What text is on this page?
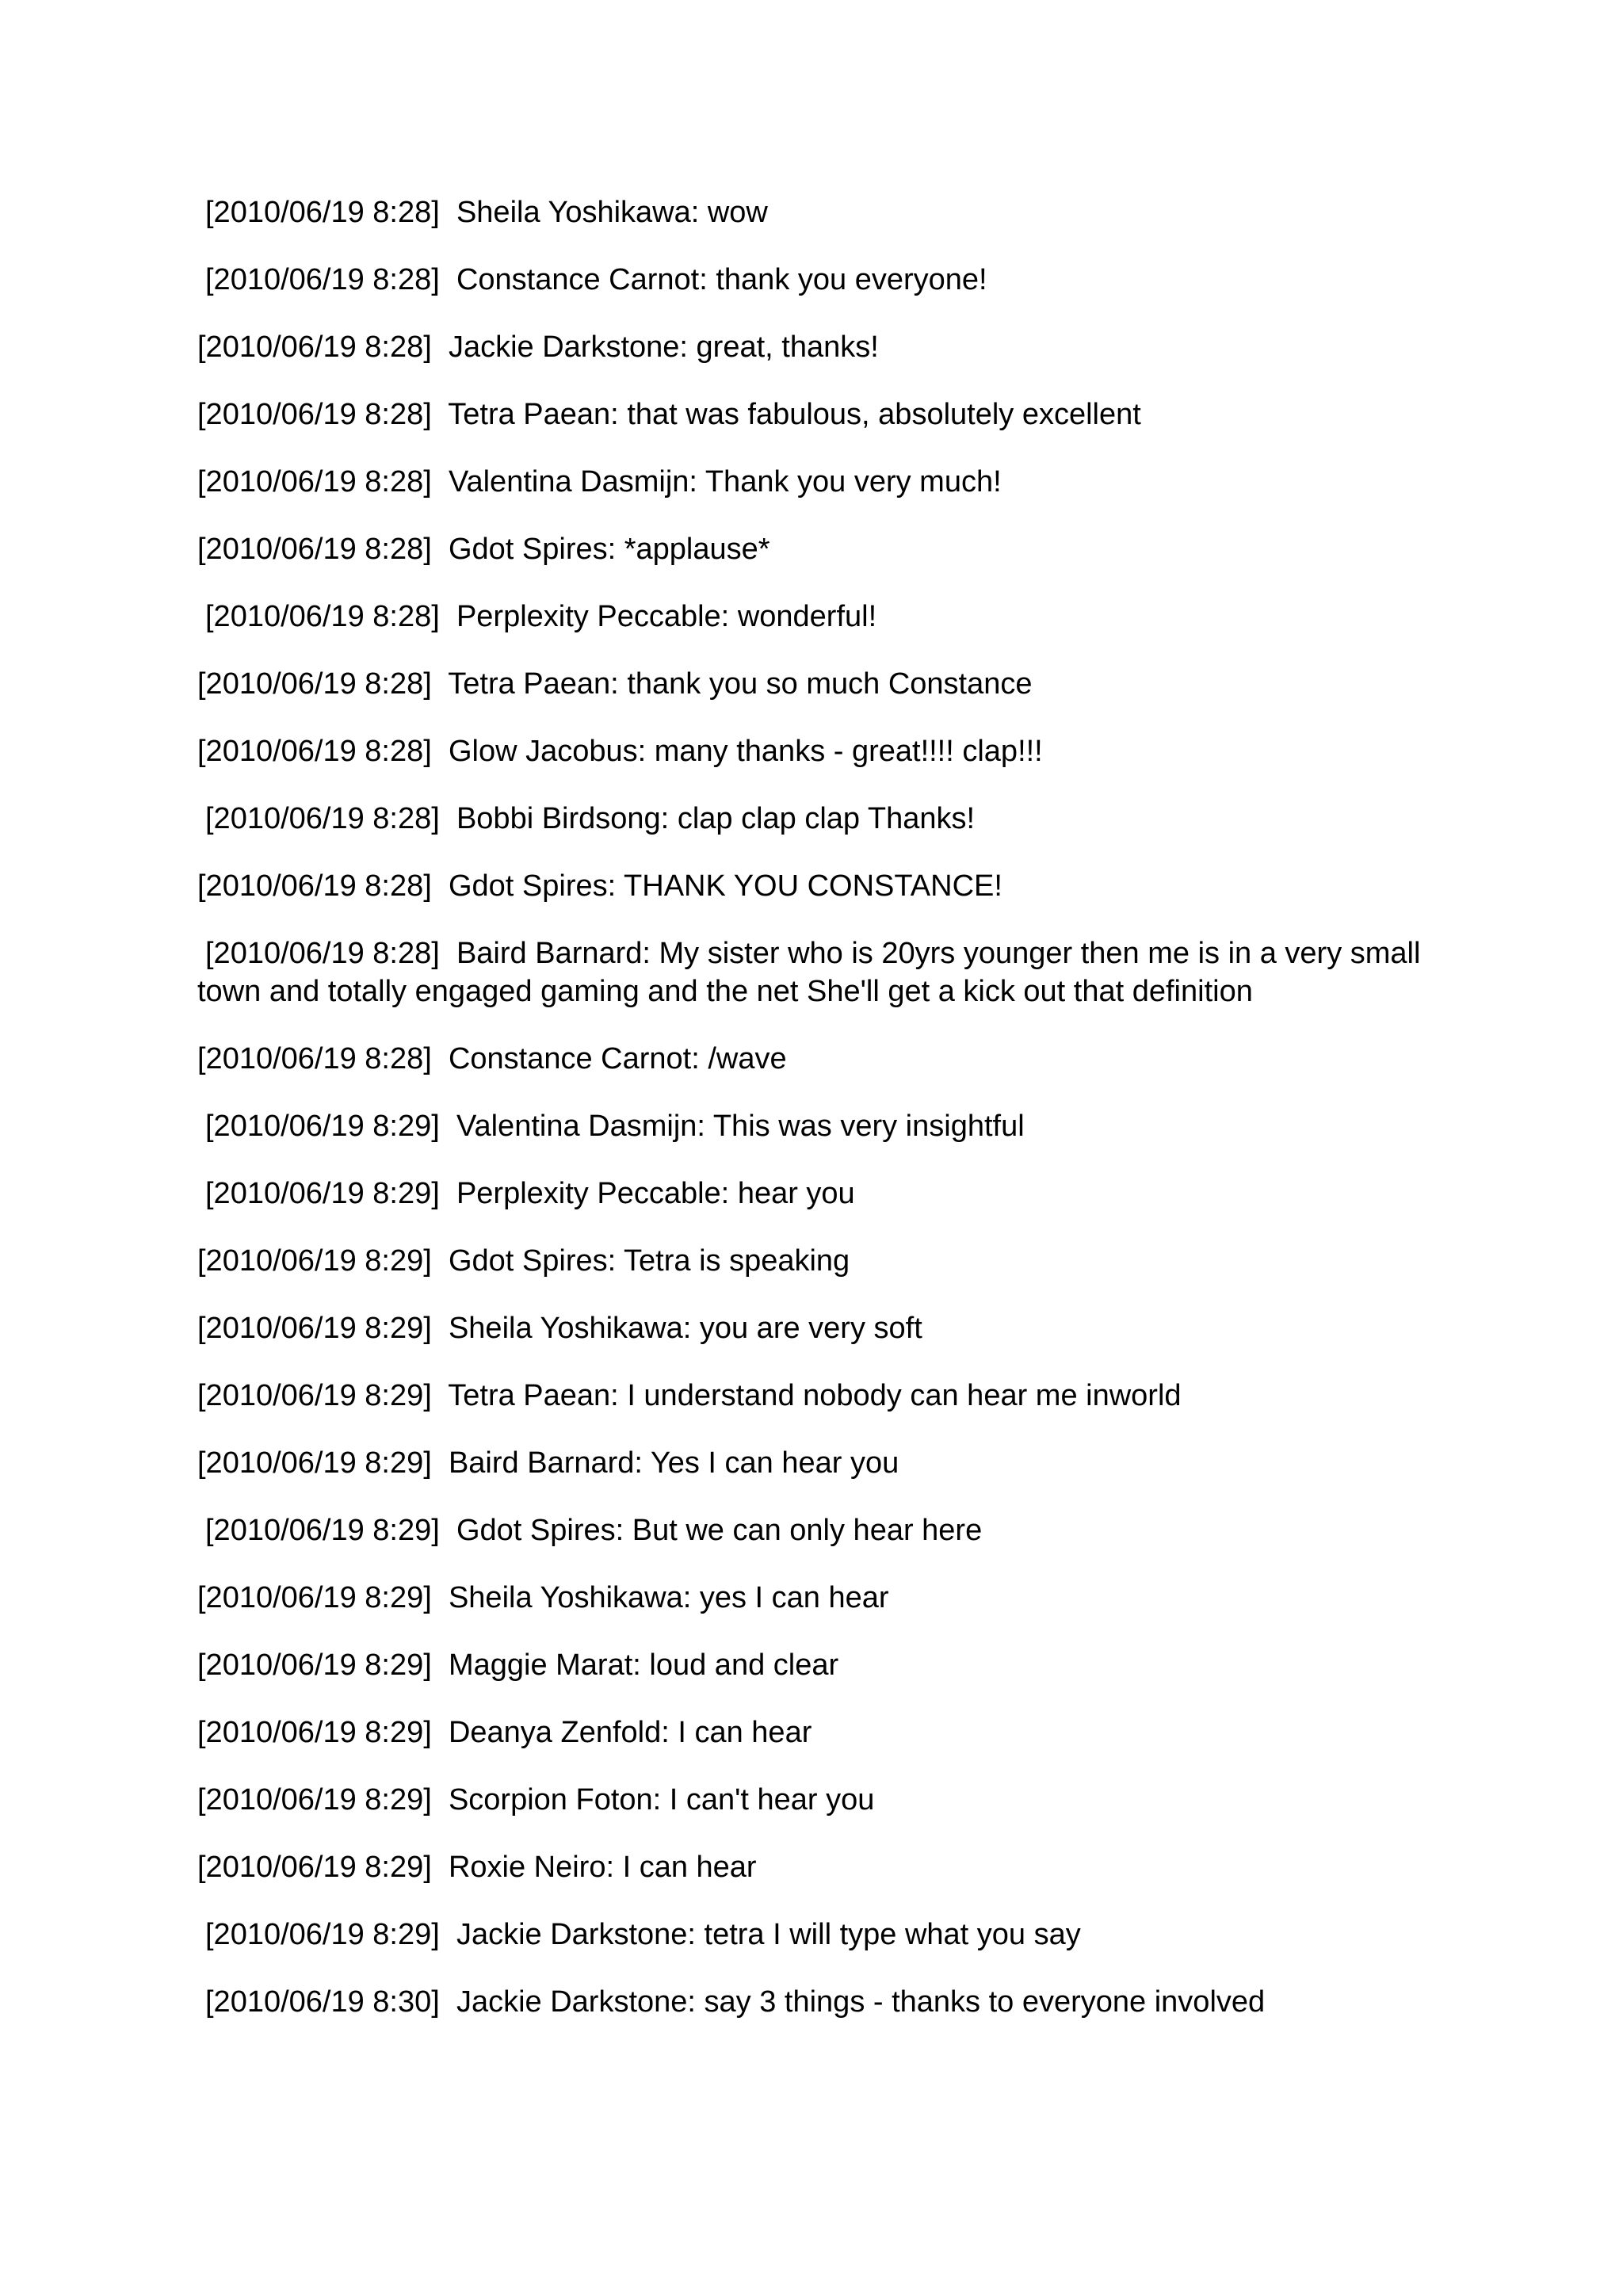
[2010/06/19 8:28] Sheila Yoshikawa: wow
[2010/06/19 8:28] Constance Carnot: thank you everyone!
[2010/06/19 8:28] Jackie Darkstone: great, thanks!
[2010/06/19 8:28] Tetra Paean: that was fabulous, absolutely excellent
[2010/06/19 8:28] Valentina Dasmijn: Thank you very much!
[2010/06/19 8:28] Gdot Spires: *applause*
[2010/06/19 8:28] Perplexity Peccable: wonderful!
[2010/06/19 8:28] Tetra Paean: thank you so much Constance
[2010/06/19 8:28] Glow Jacobus: many thanks - great!!!! clap!!!
[2010/06/19 8:28] Bobbi Birdsong: clap clap clap Thanks!
[2010/06/19 8:28] Gdot Spires: THANK YOU CONSTANCE!
[2010/06/19 8:28] Baird Barnard: My sister who is 20yrs younger then me is in a very small town and totally engaged gaming and the net She'll get a kick out that definition
[2010/06/19 8:28] Constance Carnot: /wave
[2010/06/19 8:29] Valentina Dasmijn: This was very insightful
[2010/06/19 8:29] Perplexity Peccable: hear you
[2010/06/19 8:29] Gdot Spires: Tetra is speaking
[2010/06/19 8:29] Sheila Yoshikawa: you are very soft
[2010/06/19 8:29] Tetra Paean: I understand nobody can hear me inworld
[2010/06/19 8:29] Baird Barnard: Yes I can hear you
[2010/06/19 8:29] Gdot Spires: But we can only hear here
[2010/06/19 8:29] Sheila Yoshikawa: yes I can hear
[2010/06/19 8:29] Maggie Marat: loud and clear
[2010/06/19 8:29] Deanya Zenfold: I can hear
[2010/06/19 8:29] Scorpion Foton: I can't hear you
[2010/06/19 8:29] Roxie Neiro: I can hear
[2010/06/19 8:29] Jackie Darkstone: tetra I will type what you say
[2010/06/19 8:30] Jackie Darkstone: say 3 things - thanks to everyone involved
